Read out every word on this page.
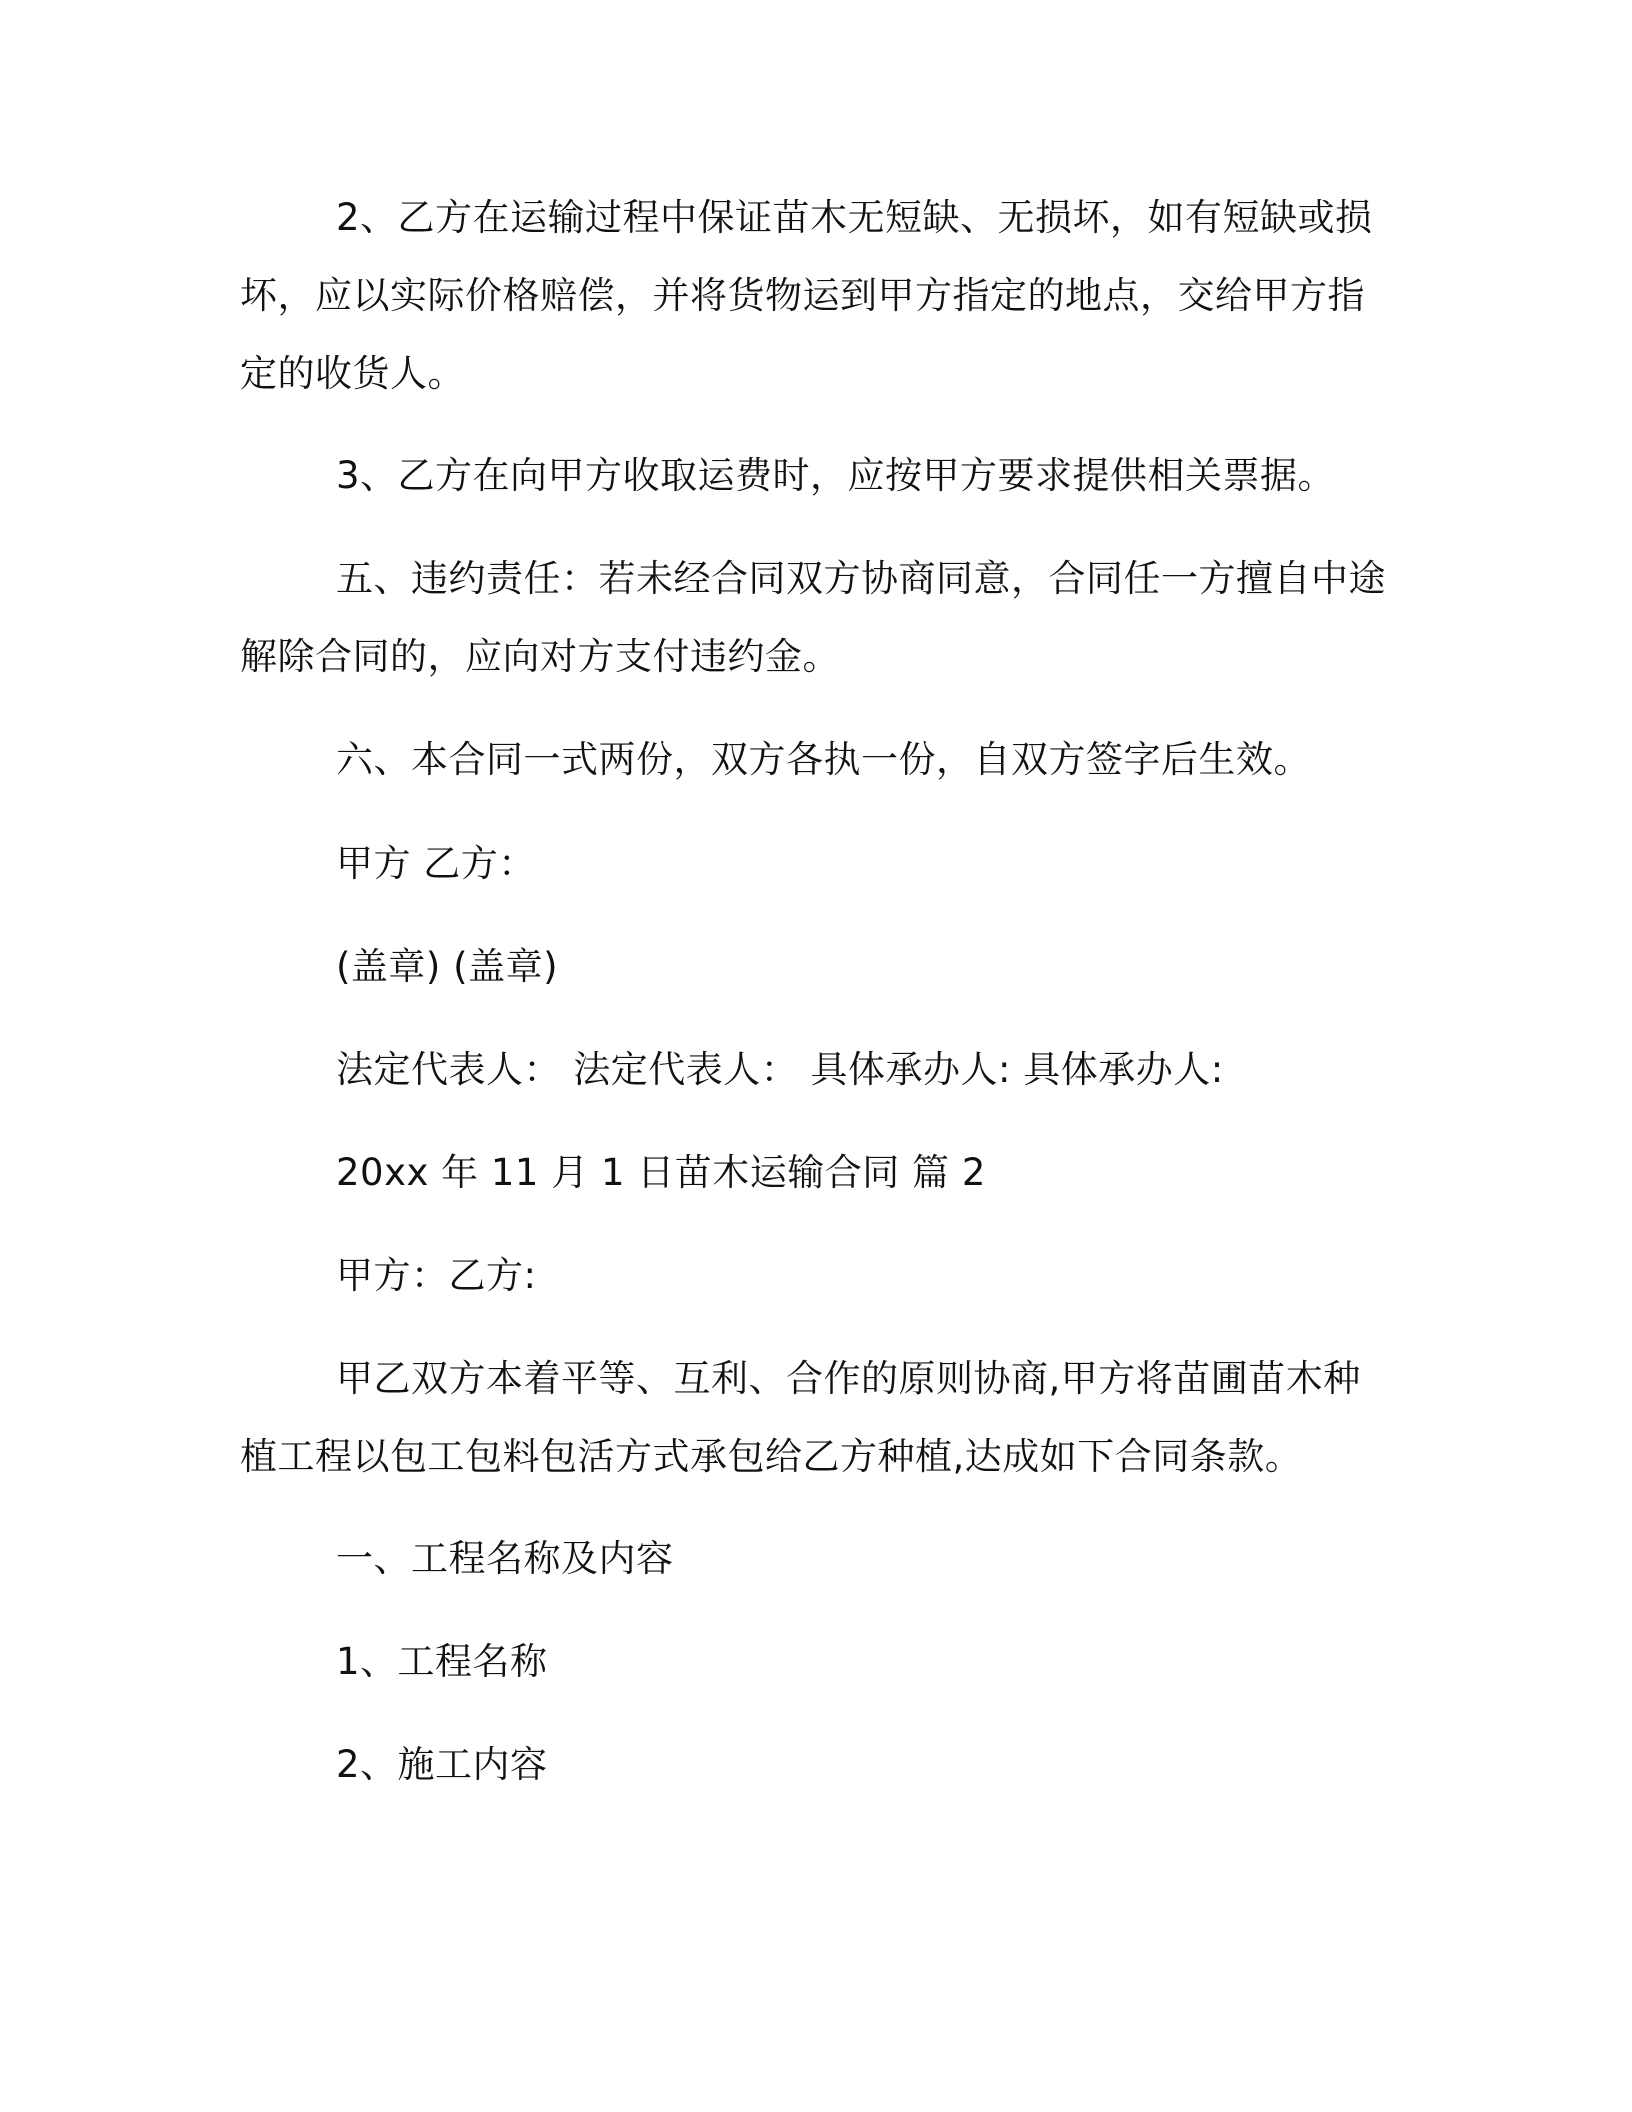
2、乙方在运输过程中保证苗木无短缺、无损坏，如有短缺或损坏，应以实际价格赔偿，并将货物运到甲方指定的地点，交给甲方指定的收货人。

3、乙方在向甲方收取运费时，应按甲方要求提供相关票据。

五、违约责任：若未经合同双方协商同意，合同任一方擅自中途解除合同的，应向对方支付违约金。

六、本合同一式两份，双方各执一份，自双方签字后生效。

甲方 乙方：

(盖章) (盖章)

法定代表人： 法定代表人： 具体承办人: 具体承办人:

20xx 年 11 月 1 日苗木运输合同 篇 2

甲方：乙方:

甲乙双方本着平等、互利、合作的原则协商,甲方将苗圃苗木种植工程以包工包料包活方式承包给乙方种植,达成如下合同条款。

一、工程名称及内容

1、工程名称

2、施工内容
